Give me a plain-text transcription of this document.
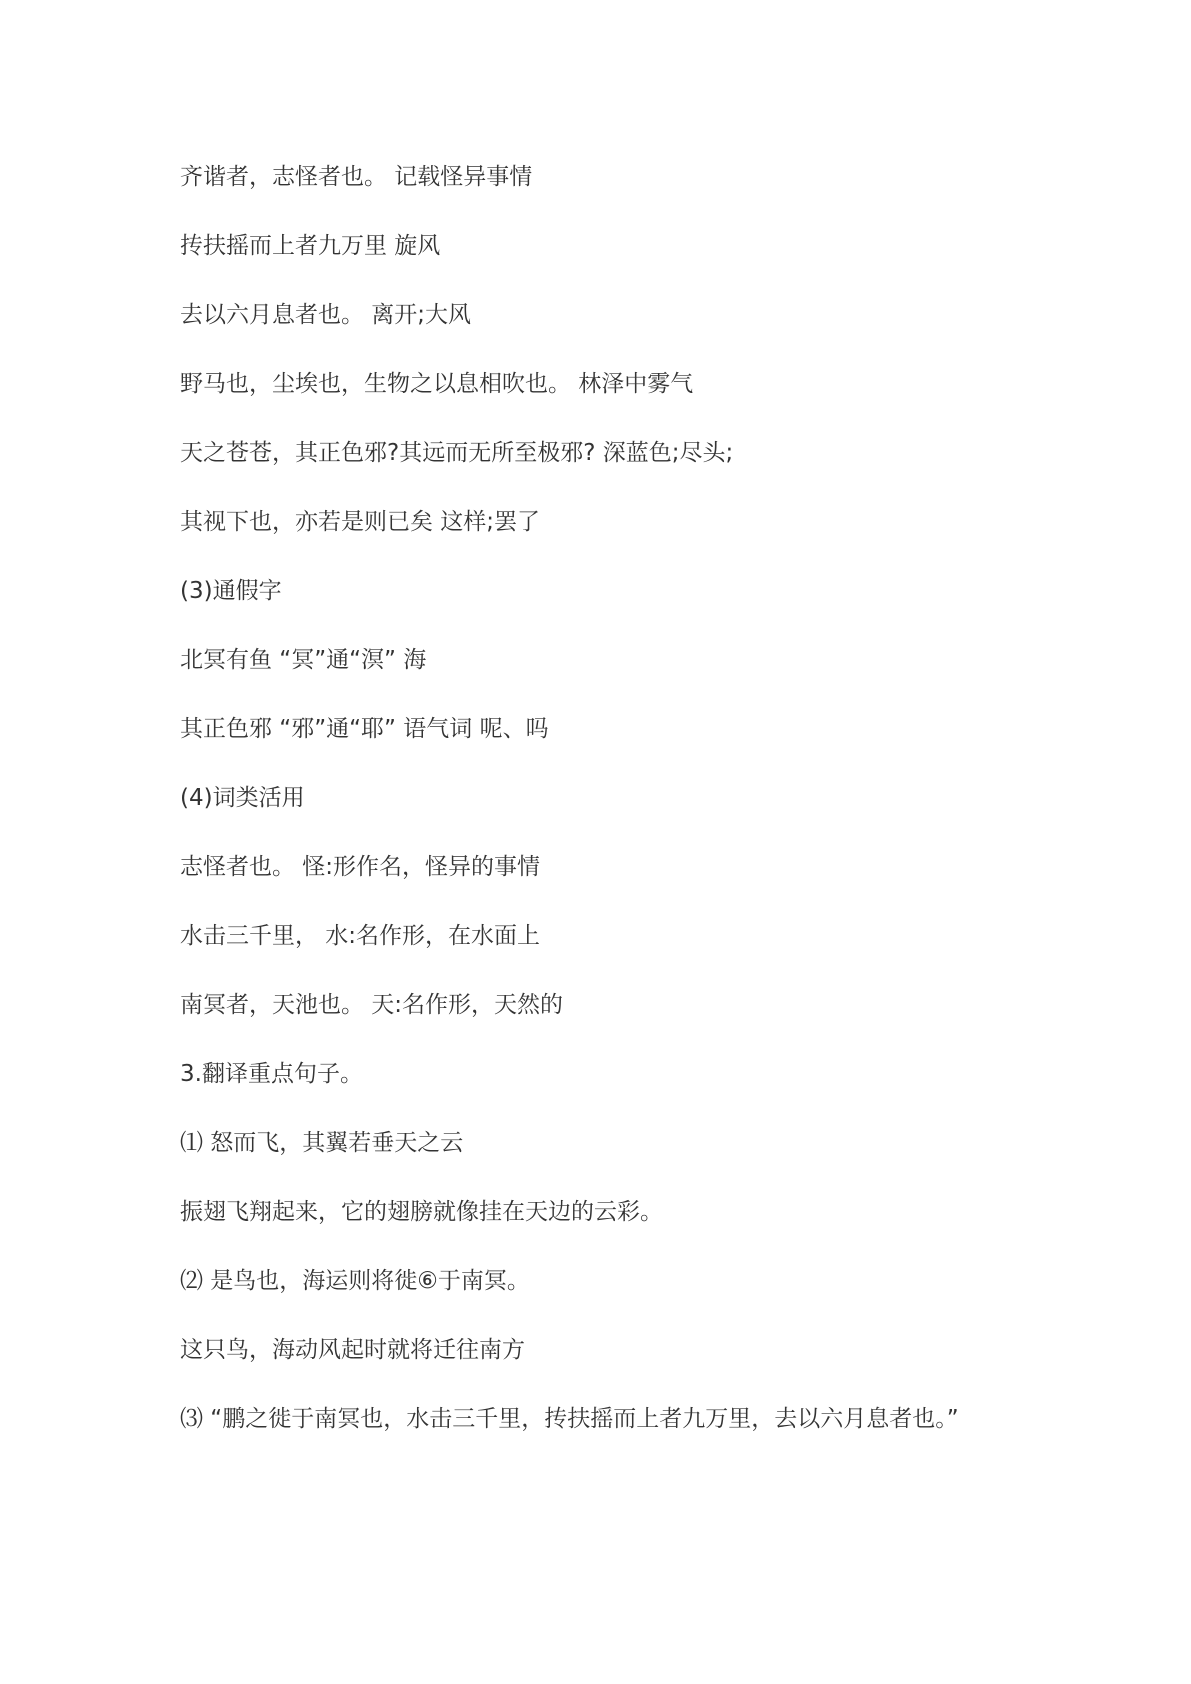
齐谐者，志怪者也。 记载怪异事情
抟扶摇而上者九万里 旋风
去以六月息者也。 离开;大风
野马也，尘埃也，生物之以息相吹也。 林泽中雾气
天之苍苍，其正色邪?其远而无所至极邪? 深蓝色;尽头;
其视下也，亦若是则已矣 这样;罢了
(3)通假字
北冥有鱼 “冥”通“溟” 海
其正色邪 “邪”通“耶” 语气词 呢、吗
(4)词类活用
志怪者也。 怪:形作名，怪异的事情
水击三千里， 水:名作形，在水面上
南冥者，天池也。 天:名作形，天然的
3.翻译重点句子。
⑴ 怒而飞，其翼若垂天之云
振翅飞翔起来，它的翅膀就像挂在天边的云彩。
⑵ 是鸟也，海运则将徙⑥于南冥。
这只鸟，海动风起时就将迁往南方
⑶ “鹏之徙于南冥也，水击三千里，抟扶摇而上者九万里，去以六月息者也。”
